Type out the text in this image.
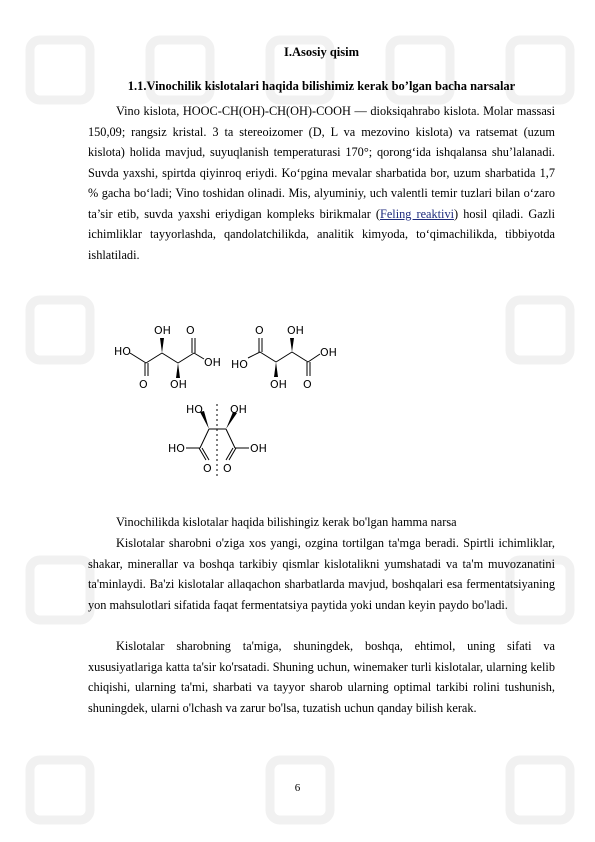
I.Asosiy qisim

1.1.Vinochilik kislotalari haqida bilishimiz kerak bo’lgan bacha narsalar

Vino kislota, HOOC-CH(OH)-CH(OH)-COOH — dioksiqahrabo kislota. Molar massasi 150,09; rangsiz kristal. 3 ta stereoizomer (D, L va mezovino kislota) va ratsemat (uzum kislota) holida mavjud, suyuqlanish temperaturasi 170°; qorong‘ida ishqalansa shu’lalanadi. Suvda yaxshi, spirtda qiyinroq eriydi. Ko‘pgina mevalar sharbatida bor, uzum sharbatida 1,7 % gacha bo‘ladi; Vino toshidan olinadi. Mis, alyuminiy, uch valentli temir tuzlari bilan o‘zaro ta’sir etib, suvda yaxshi eriydigan kompleks birikmalar (Feling reaktivi) hosil qiladi. Gazli ichimliklar tayyorlashda, qandolatchilikda, analitik kimyoda, to‘qimachilikda, tibbiyotda ishlatiladi.

HO
OH O
OH
O OH
O OH
OH
HO
OH O
HO OH
HO	OH
O O

Vinochilikda kislotalar haqida bilishingiz kerak bo'lgan hamma narsa

Kislotalar sharobni o'ziga xos yangi, ozgina tortilgan ta'mga beradi. Spirtli ichimliklar, shakar, minerallar va boshqa tarkibiy qismlar kislotalikni yumshatadi va ta'm muvozanatini ta'minlaydi. Ba'zi kislotalar allaqachon sharbatlarda mavjud, boshqalari esa fermentatsiyaning yon mahsulotlari sifatida faqat fermentatsiya paytida yoki undan keyin paydo bo'ladi.

Kislotalar sharobning ta'miga, shuningdek, boshqa, ehtimol, uning sifati va xususiyatlariga katta ta'sir ko'rsatadi. Shuning uchun, winemaker turli kislotalar, ularning kelib chiqishi, ularning ta'mi, sharbati va tayyor sharob ularning optimal tarkibi rolini tushunish, shuningdek, ularni o'lchash va zarur bo'lsa, tuzatish uchun qanday bilish kerak.

6
